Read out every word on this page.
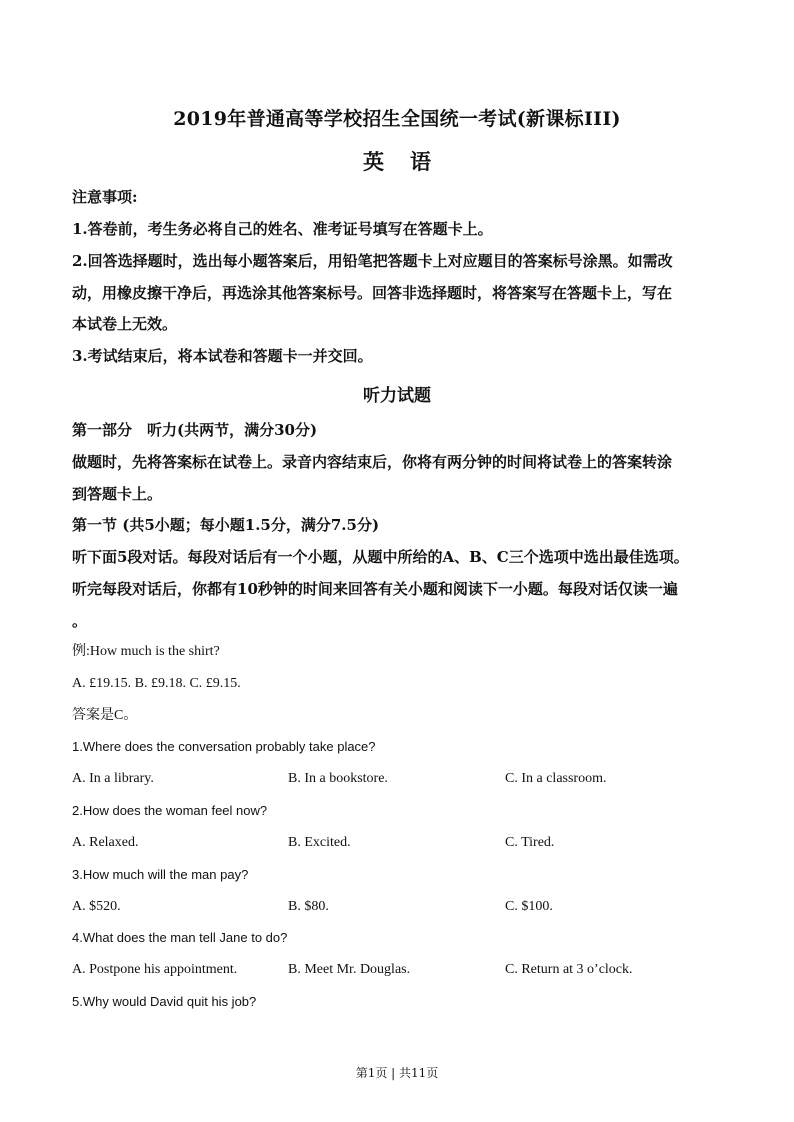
2019年普通高等学校招生全国统一考试(新课标III)
英语
注意事项:
1.答卷前，考生务必将自己的姓名、准考证号填写在答题卡上。
2.回答选择题时，选出每小题答案后，用铅笔把答题卡上对应题目的答案标号涂黑。如需改
动，用橡皮擦干净后，再选涂其他答案标号。回答非选择题时，将答案写在答题卡上，写在
本试卷上无效。
3.考试结束后，将本试卷和答题卡一并交回。
听力试题
第一部分　听力(共两节，满分30分)
做题时，先将答案标在试卷上。录音内容结束后，你将有两分钟的时间将试卷上的答案转涂
到答题卡上。
第一节 (共5小题；每小题1.5分，满分7.5分)
听下面5段对话。每段对话后有一个小题，从题中所给的A、B、C三个选项中选出最佳选项。
听完每段对话后，你都有10秒钟的时间来回答有关小题和阅读下一小题。每段对话仅读一遍
。
例:How much is the shirt?
A. £19.15. B. £9.18. C. £9.15.
答案是C。
1.Where does the conversation probably take place?
A. In a library.	B. In a bookstore.	C. In a classroom.
2.How does the woman feel now?
A. Relaxed.	B. Excited.	C. Tired.
3.How much will the man pay?
A. $520.	B. $80.	C. $100.
4.What does the man tell Jane to do?
A. Postpone his appointment.	B. Meet Mr. Douglas.	C. Return at 3 o’clock.
5.Why would David quit his job?
第1页 | 共11页
